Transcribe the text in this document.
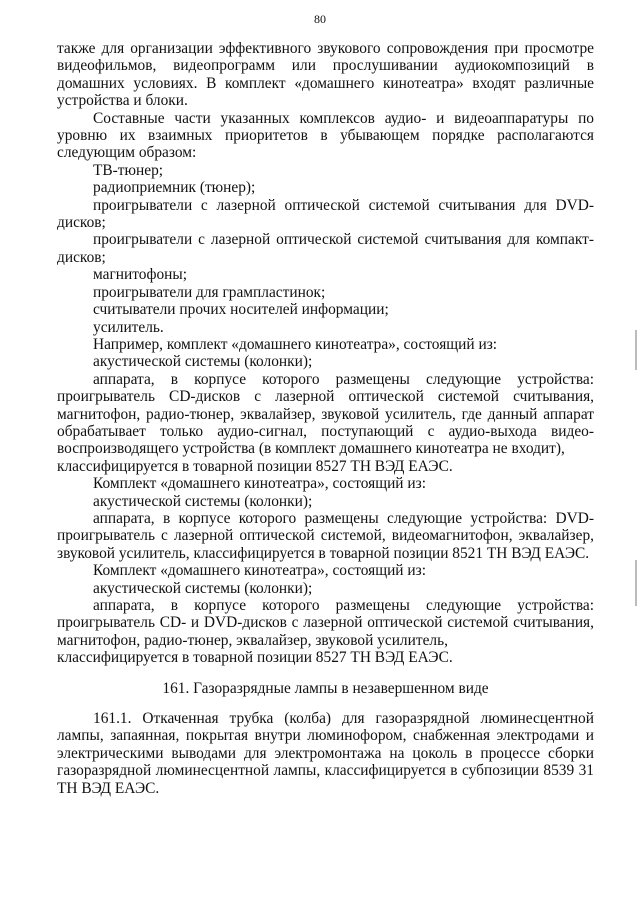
80

также для организации эффективного звукового сопровождения при просмотре видеофильмов, видеопрограмм или прослушивании аудиокомпозиций в домашних условиях. В комплект «домашнего кинотеатра» входят различные устройства и блоки.

Составные части указанных комплексов аудио- и видеоаппаратуры по уровню их взаимных приоритетов в убывающем порядке располагаются следующим образом:

ТВ-тюнер;

радиоприемник (тюнер);

проигрыватели с лазерной оптической системой считывания для DVD-дисков;

проигрыватели с лазерной оптической системой считывания для компакт-дисков;

магнитофоны;

проигрыватели для грампластинок;

считыватели прочих носителей информации;

усилитель.

Например, комплект «домашнего кинотеатра», состоящий из:

акустической системы (колонки);

аппарата, в корпусе которого размещены следующие устройства: проигрыватель CD-дисков с лазерной оптической системой считывания, магнитофон, радио-тюнер, эквалайзер, звуковой усилитель, где данный аппарат обрабатывает только аудио-сигнал, поступающий с аудио-выхода видео-воспроизводящего устройства (в комплект домашнего кинотеатра не входит),

классифицируется в товарной позиции 8527 ТН ВЭД ЕАЭС.

Комплект «домашнего кинотеатра», состоящий из:

акустической системы (колонки);

аппарата, в корпусе которого размещены следующие устройства: DVD-проигрыватель с лазерной оптической системой, видеомагнитофон, эквалайзер, звуковой усилитель, классифицируется в товарной позиции 8521 ТН ВЭД ЕАЭС.

Комплект «домашнего кинотеатра», состоящий из:

акустической системы (колонки);

аппарата, в корпусе которого размещены следующие устройства: проигрыватель CD- и DVD-дисков с лазерной оптической системой считывания, магнитофон, радио-тюнер, эквалайзер, звуковой усилитель,

классифицируется в товарной позиции 8527 ТН ВЭД ЕАЭС.

161. Газоразрядные лампы в незавершенном виде

161.1. Откаченная трубка (колба) для газоразрядной люминесцентной лампы, запаянная, покрытая внутри люминофором, снабженная электродами и электрическими выводами для электромонтажа на цоколь в процессе сборки газоразрядной люминесцентной лампы, классифицируется в субпозиции 8539 31 ТН ВЭД ЕАЭС.
